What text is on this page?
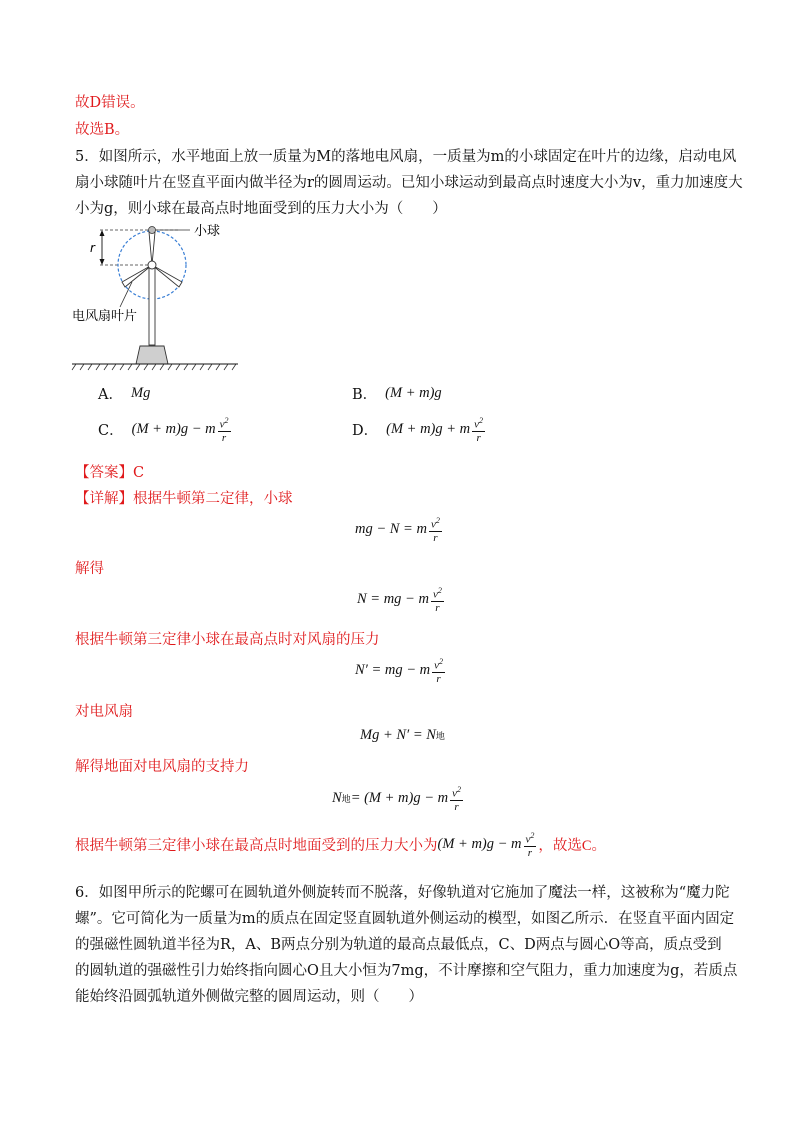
故D错误。
故选B。
5．如图所示，水平地面上放一质量为M的落地电风扇，一质量为m的小球固定在叶片的边缘，启动电风
扇小球随叶片在竖直平面内做半径为r的圆周运动。已知小球运动到最高点时速度大小为v，重力加速度大
小为g，则小球在最高点时地面受到的压力大小为（　　）
r
小球
电风扇叶片
A． Mg	B． (M + m)g
C． (M + m)g − m $\frac{v^2}{r}$	D． (M + m)g + m $\frac{v^2}{r}$
【答案】C
【详解】根据牛顿第二定律，小球
mg − N = m $\frac{v^2}{r}$
解得
N = mg − m $\frac{v^2}{r}$
根据牛顿第三定律小球在最高点时对风扇的压力
N′ = mg − m $\frac{v^2}{r}$
对电风扇
Mg + N′ = N 地
解得地面对电风扇的支持力
N 地 = (M + m)g − m $\frac{v^2}{r}$
根据牛顿第三定律小球在最高点时地面受到的压力大小为 (M + m)g − m $\frac{v^2}{r}$ ，故选C。
6．如图甲所示的陀螺可在圆轨道外侧旋转而不脱落，好像轨道对它施加了魔法一样，这被称为“魔力陀
螺”。它可简化为一质量为m的质点在固定竖直圆轨道外侧运动的模型，如图乙所示．在竖直平面内固定
的强磁性圆轨道半径为R，A、B两点分别为轨道的最高点最低点，C、D两点与圆心O等高，质点受到
的圆轨道的强磁性引力始终指向圆心O且大小恒为7mg，不计摩擦和空气阻力，重力加速度为g，若质点
能始终沿圆弧轨道外侧做完整的圆周运动，则（　　）
